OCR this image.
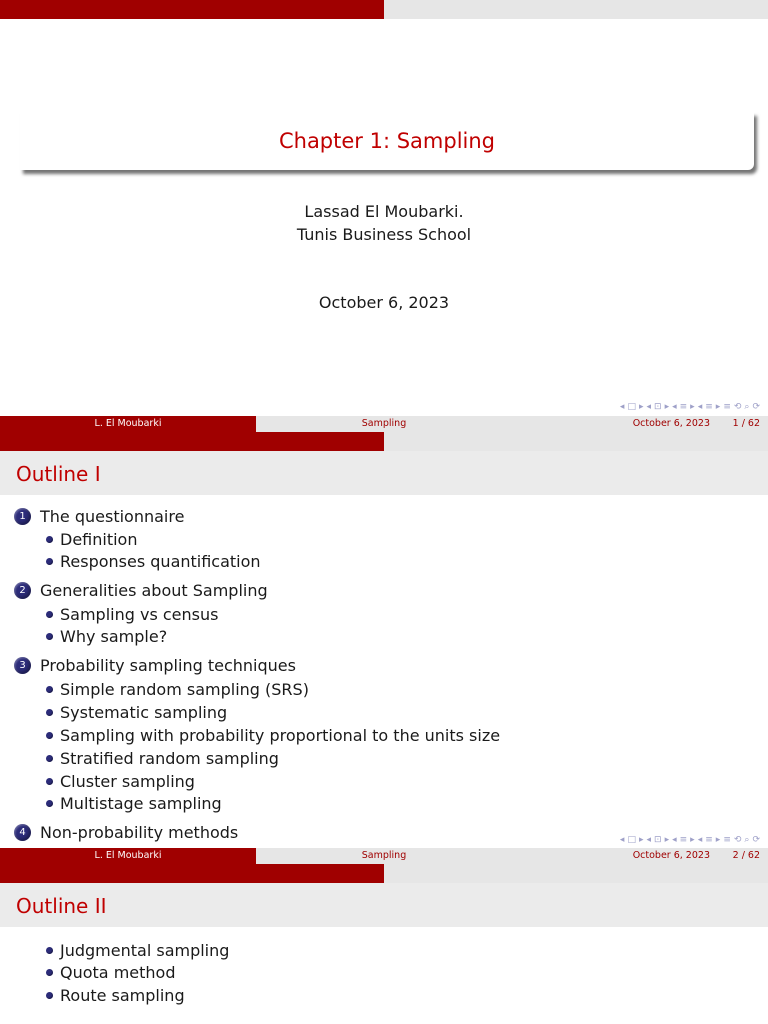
Chapter 1: Sampling
Lassad El Moubarki.
Tunis Business School
October 6, 2023
◂ □ ▸ ◂ ⊡ ▸ ◂ ≡ ▸ ◂ ≡ ▸ ≡ ⟲ ⌕ ⟳
L. El Moubarki	Sampling	October 6, 2023 1 / 62
Outline I
1 The questionnaire
Definition
Responses quantification
2 Generalities about Sampling
Sampling vs census
Why sample?
3 Probability sampling techniques
Simple random sampling (SRS)
Systematic sampling
Sampling with probability proportional to the units size
Stratified random sampling
Cluster sampling
Multistage sampling
4 Non-probability methods	◂ □ ▸ ◂ ⊡ ▸ ◂ ≡ ▸ ◂ ≡ ▸ ≡ ⟲ ⌕ ⟳
L. El Moubarki	Sampling	October 6, 2023 2 / 62
Outline II
Judgmental sampling
Quota method
Route sampling
